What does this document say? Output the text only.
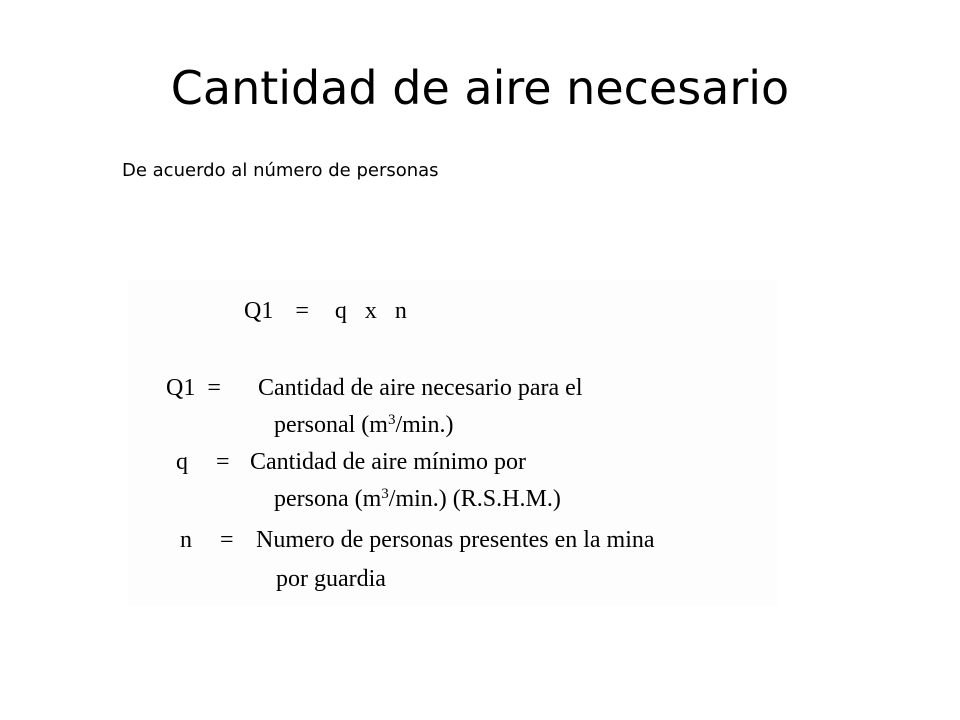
Cantidad de aire necesario
De acuerdo al número de personas
Q1 = q x n
Q1 = Cantidad de aire necesario para el
personal $(m^3/\min.)$
q = Cantidad de aire mínimo por
persona $(m^3/\min.)$ (R.S.H.M.)
n = Numero de personas presentes en la mina
por guardia
